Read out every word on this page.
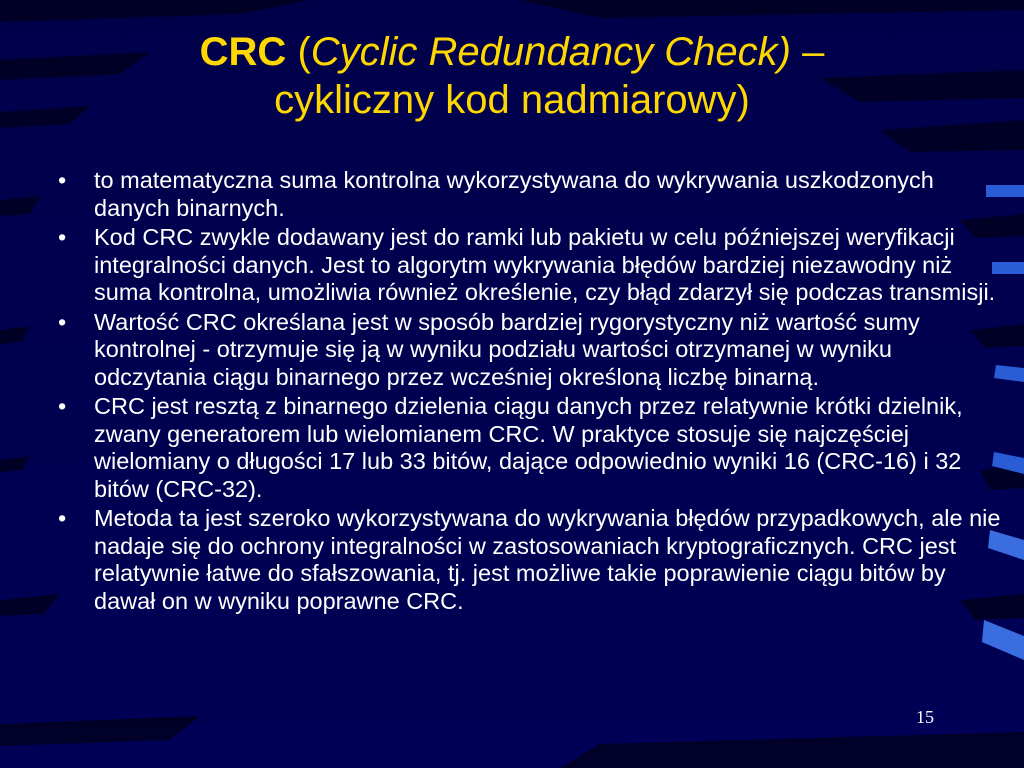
CRC (Cyclic Redundancy Check) –
cykliczny kod nadmiarowy)
• to matematyczna suma kontrolna wykorzystywana do wykrywania uszkodzonych danych binarnych.
• Kod CRC zwykle dodawany jest do ramki lub pakietu w celu późniejszej weryfikacji integralności danych. Jest to algorytm wykrywania błędów bardziej niezawodny niż suma kontrolna, umożliwia również określenie, czy błąd zdarzył się podczas transmisji.
• Wartość CRC określana jest w sposób bardziej rygorystyczny niż wartość sumy kontrolnej - otrzymuje się ją w wyniku podziału wartości otrzymanej w wyniku odczytania ciągu binarnego przez wcześniej określoną liczbę binarną.
• CRC jest resztą z binarnego dzielenia ciągu danych przez relatywnie krótki dzielnik, zwany generatorem lub wielomianem CRC. W praktyce stosuje się najczęściej wielomiany o długości 17 lub 33 bitów, dające odpowiednio wyniki 16 (CRC-16) i 32 bitów (CRC-32).
• Metoda ta jest szeroko wykorzystywana do wykrywania błędów przypadkowych, ale nie nadaje się do ochrony integralności w zastosowaniach kryptograficznych. CRC jest relatywnie łatwe do sfałszowania, tj. jest możliwe takie poprawienie ciągu bitów by dawał on w wyniku poprawne CRC.
15
